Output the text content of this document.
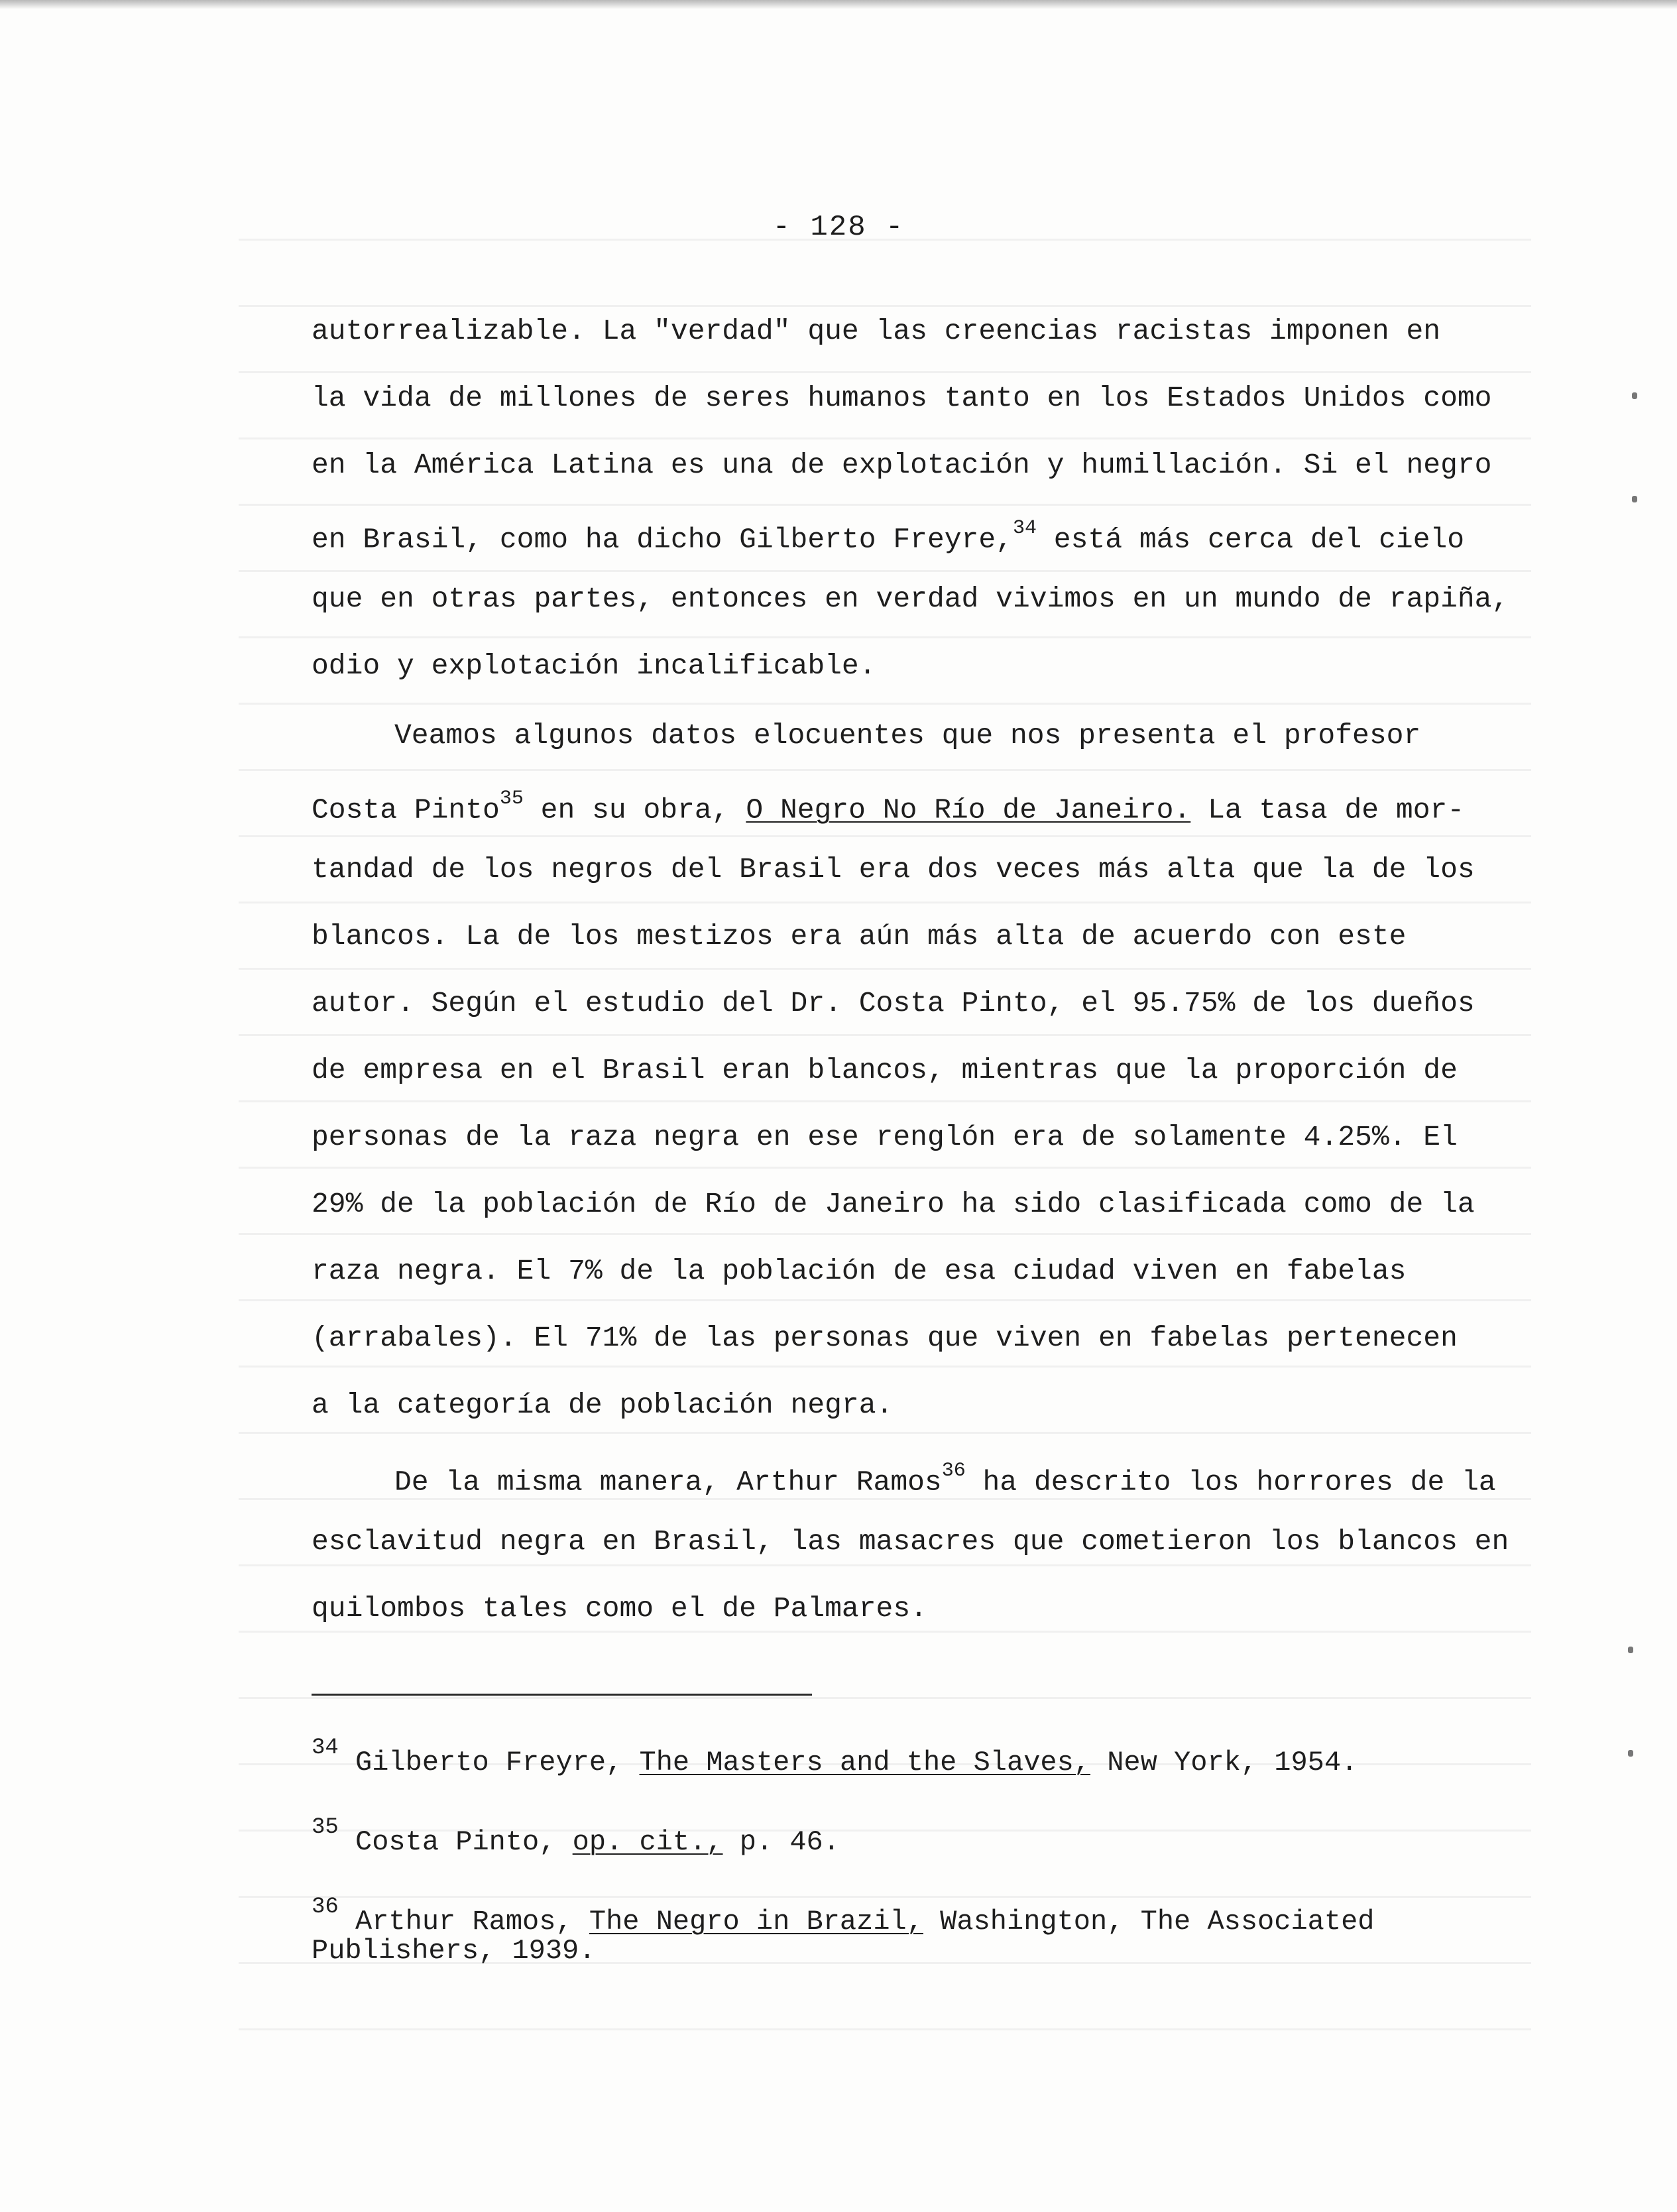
- 128 -
autorrealizable. La "verdad" que las creencias racistas imponen en
la vida de millones de seres humanos tanto en los Estados Unidos como
en la América Latina es una de explotación y humillación. Si el negro
en Brasil, como ha dicho Gilberto Freyre,$^{34}$ está más cerca del cielo
que en otras partes, entonces en verdad vivimos en un mundo de rapiña,
odio y explotación incalificable.
Veamos algunos datos elocuentes que nos presenta el profesor
Costa Pinto$^{35}$ en su obra, O Negro No Río de Janeiro. La tasa de mor-
tandad de los negros del Brasil era dos veces más alta que la de los
blancos. La de los mestizos era aún más alta de acuerdo con este
autor. Según el estudio del Dr. Costa Pinto, el 95.75% de los dueños
de empresa en el Brasil eran blancos, mientras que la proporción de
personas de la raza negra en ese renglón era de solamente 4.25%. El
29% de la población de Río de Janeiro ha sido clasificada como de la
raza negra. El 7% de la población de esa ciudad viven en fabelas
(arrabales). El 71% de las personas que viven en fabelas pertenecen
a la categoría de población negra.
De la misma manera, Arthur Ramos$^{36}$ ha descrito los horrores de la
esclavitud negra en Brasil, las masacres que cometieron los blancos en
quilombos tales como el de Palmares.
$^{34}$ Gilberto Freyre, The Masters and the Slaves, New York, 1954.
$^{35}$ Costa Pinto, op. cit., p. 46.
$^{36}$ Arthur Ramos, The Negro in Brazil, Washington, The Associated
Publishers, 1939.
